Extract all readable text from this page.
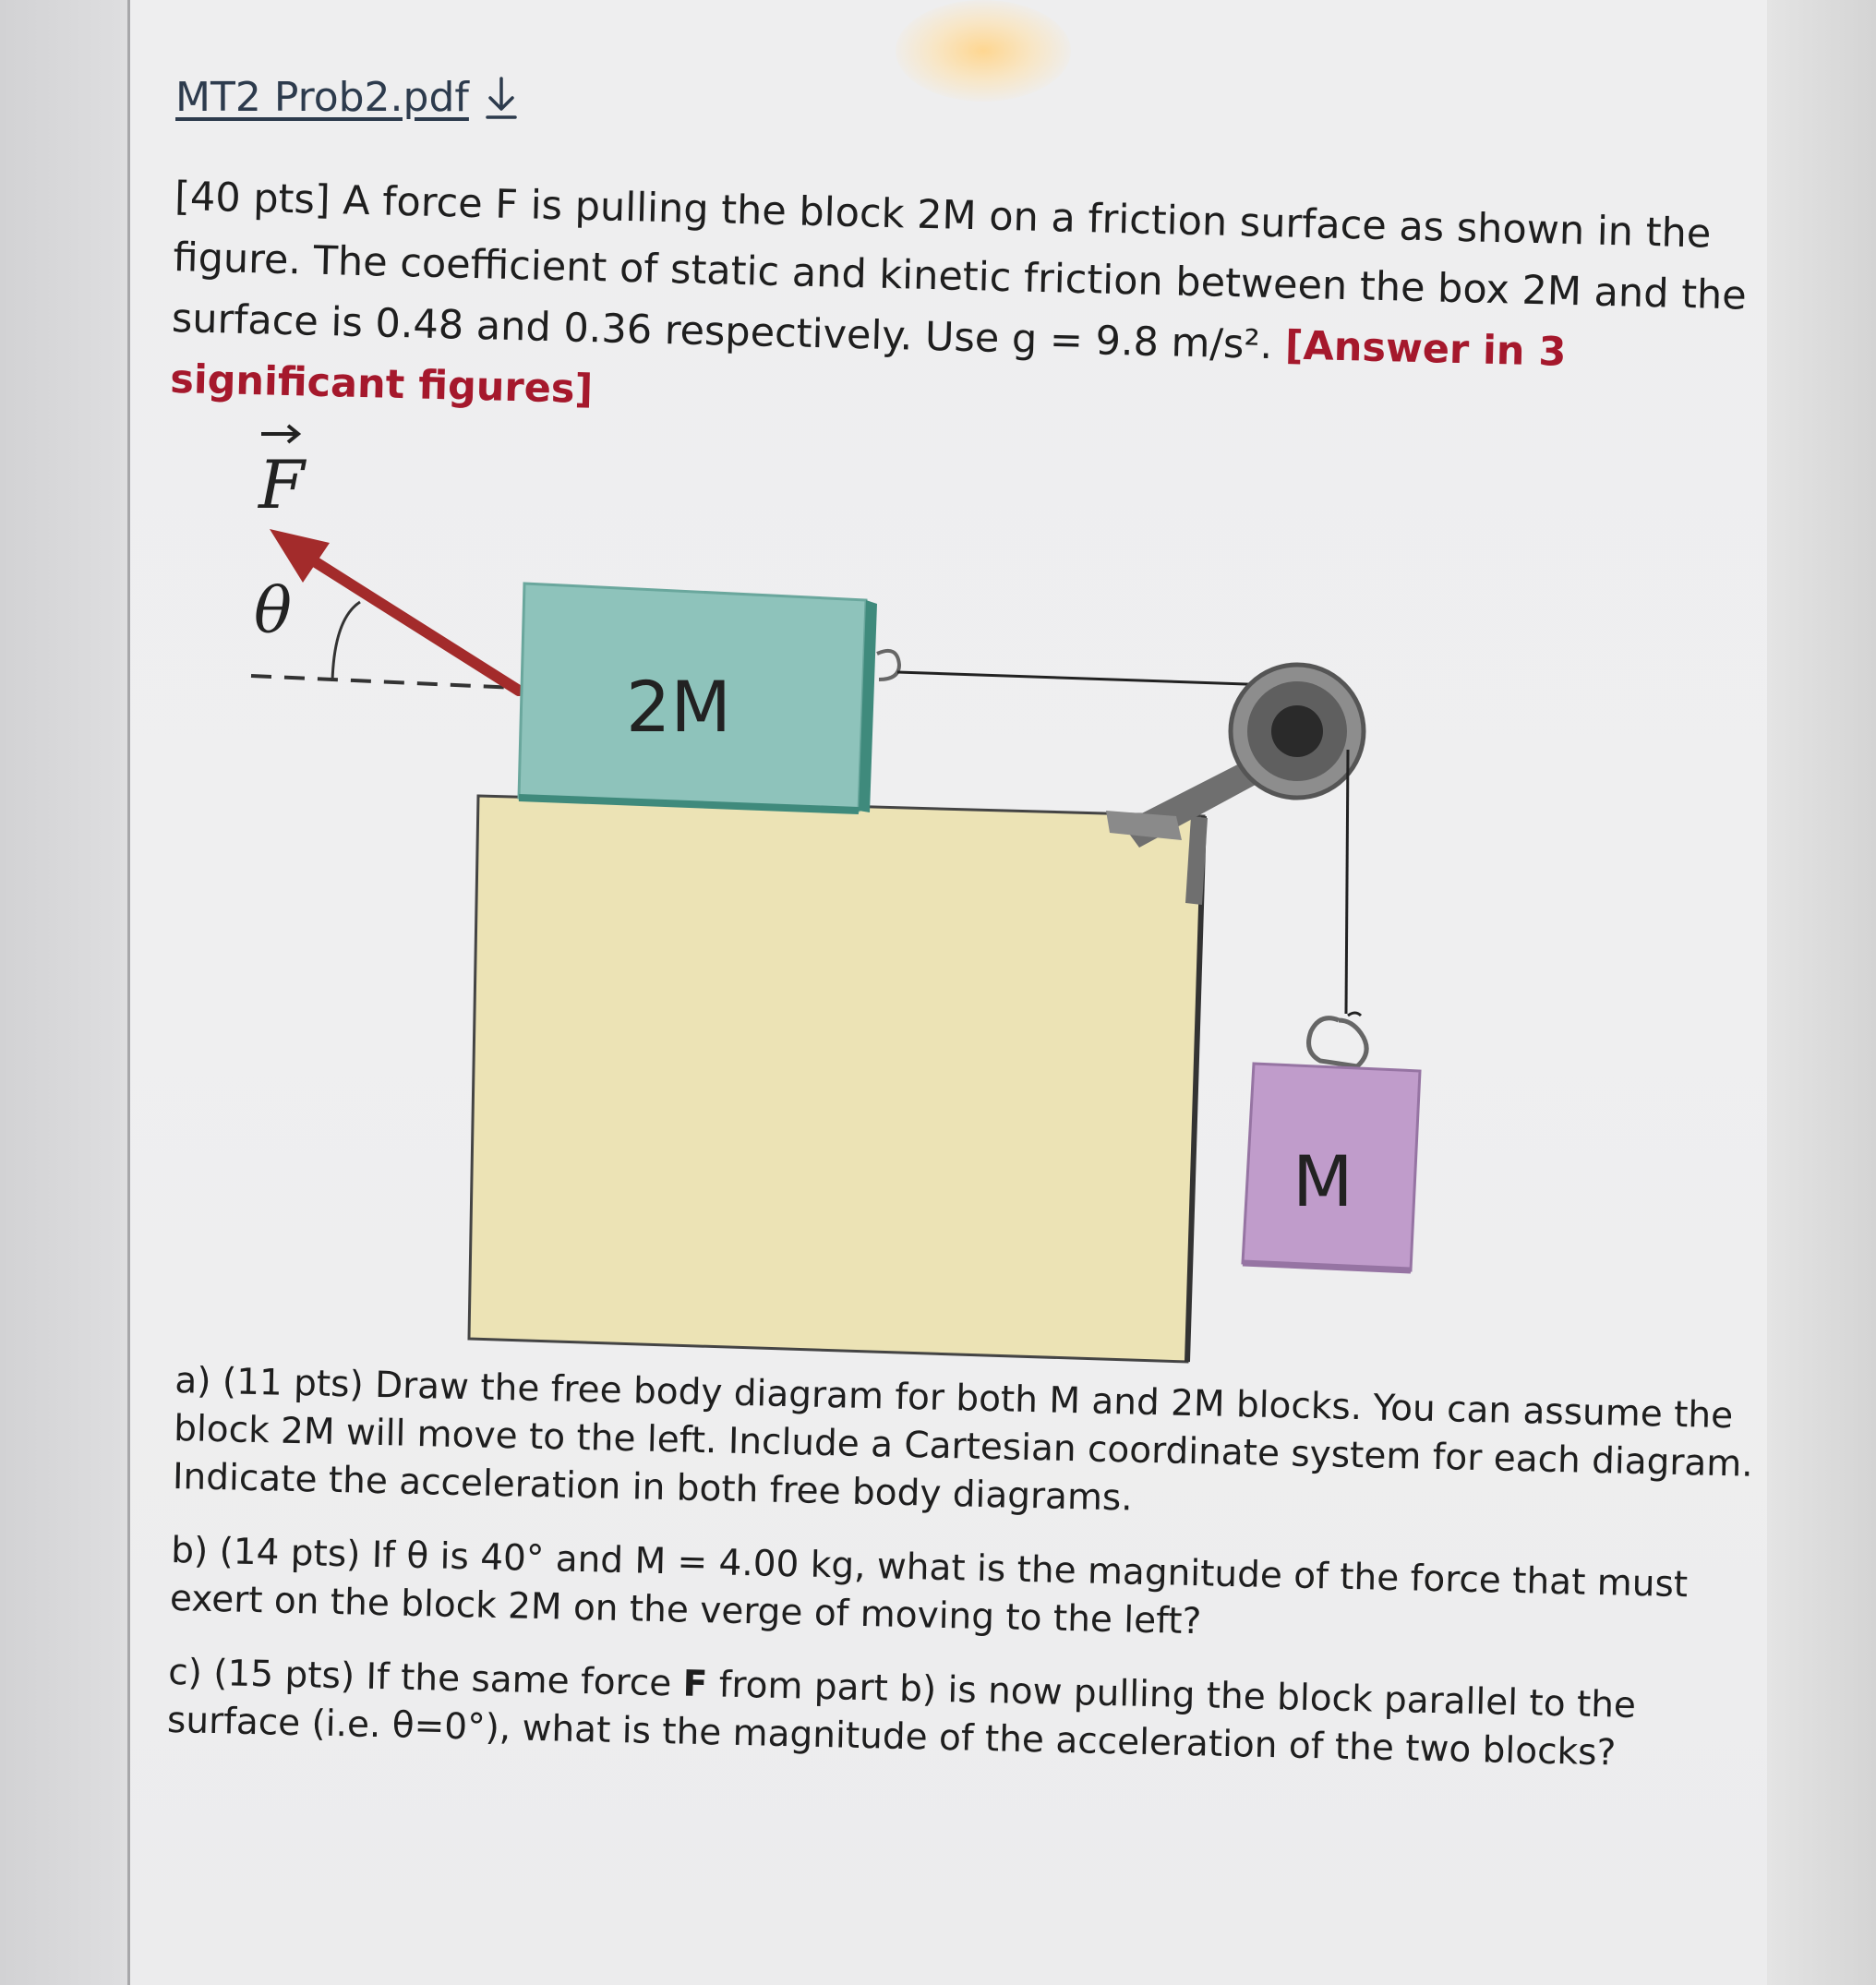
MT2 Prob2.pdf
[40 pts] A force F is pulling the block 2M on a friction surface as shown in the figure. The coefficient of static and kinetic friction between the box 2M and the surface is 0.48 and 0.36 respectively. Use g = 9.8 m/s². [Answer in 3 significant figures]
F
θ
2M
M
a) (11 pts) Draw the free body diagram for both M and 2M blocks. You can assume the block 2M will move to the left. Include a Cartesian coordinate system for each diagram. Indicate the acceleration in both free body diagrams.
b) (14 pts) If θ is 40° and M = 4.00 kg, what is the magnitude of the force that must exert on the block 2M on the verge of moving to the left?
c) (15 pts) If the same force F from part b) is now pulling the block parallel to the surface (i.e. θ=0°), what is the magnitude of the acceleration of the two blocks?
